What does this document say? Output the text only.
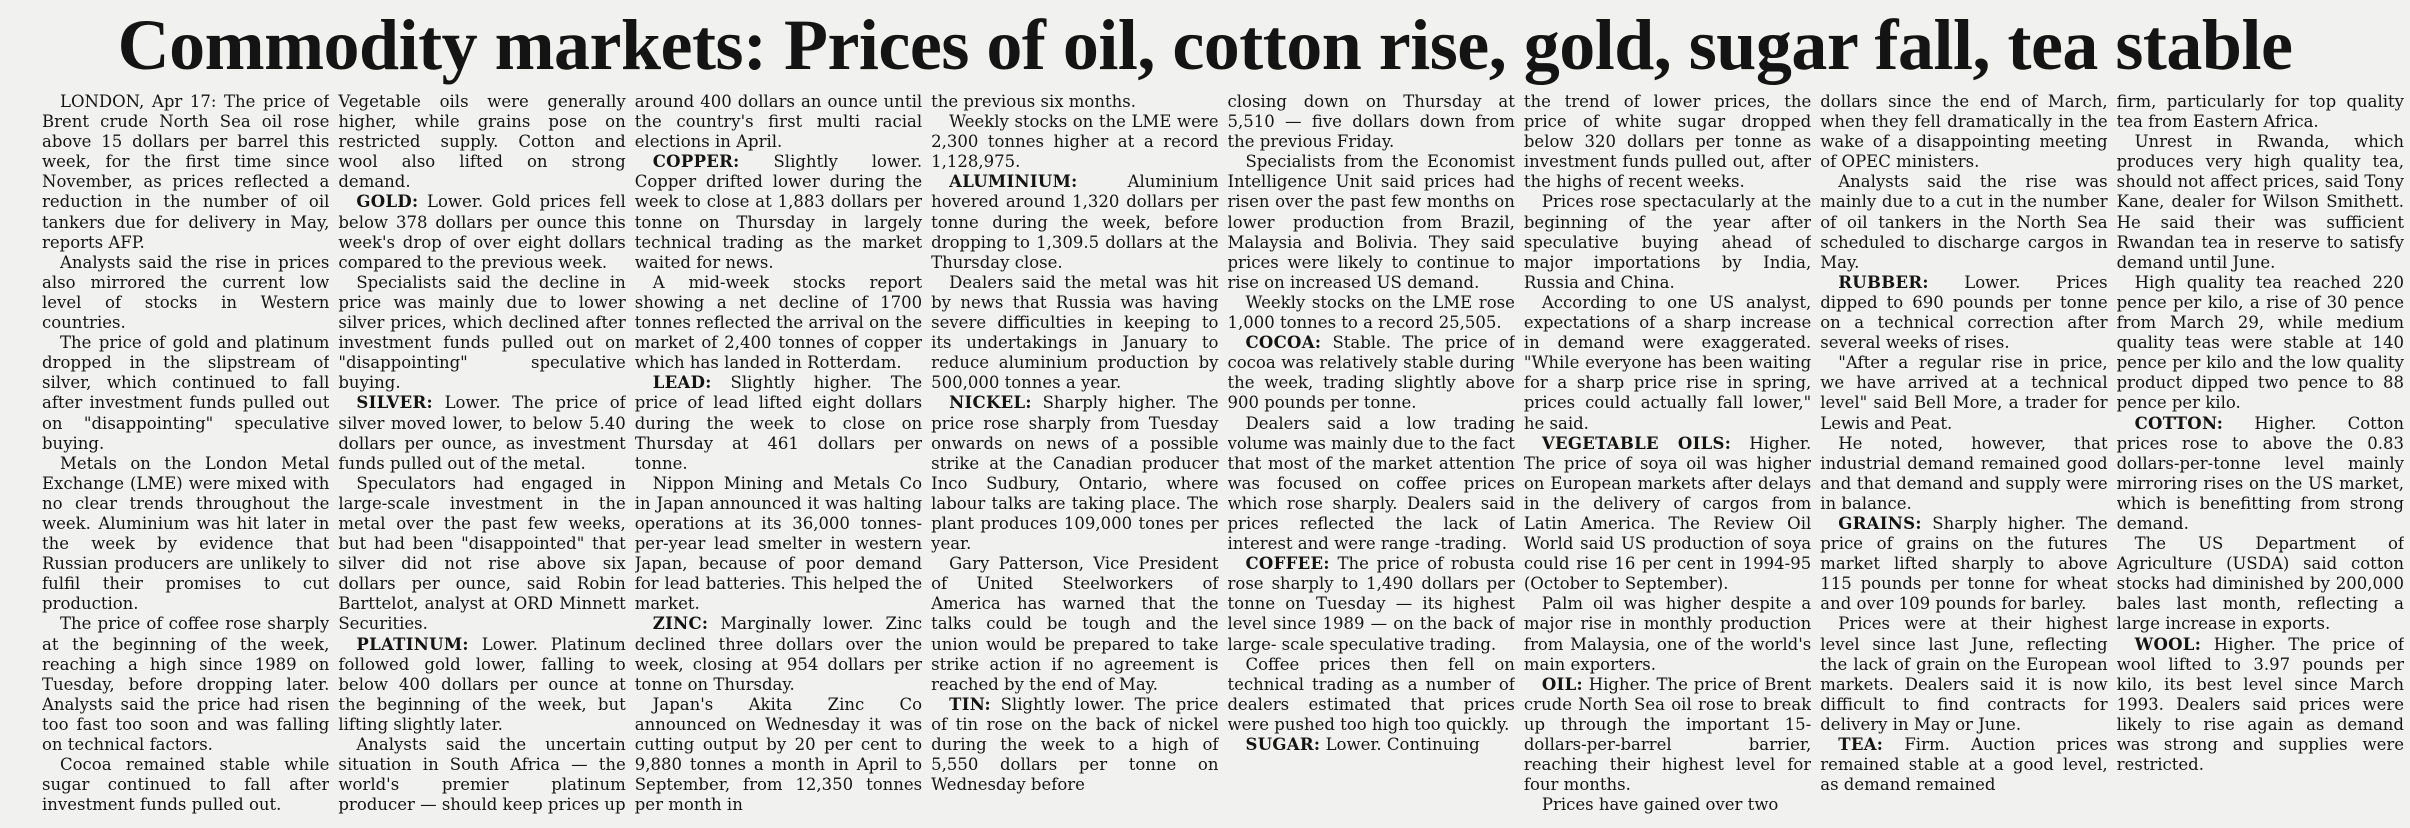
Commodity markets: Prices of oil, cotton rise, gold, sugar fall, tea stable

LONDON, Apr 17: The price of Brent crude North Sea oil rose above 15 dollars per barrel this week, for the first time since November, as prices reflected a reduction in the number of oil tankers due for delivery in May, reports AFP.

Analysts said the rise in prices also mirrored the current low level of stocks in Western countries.

The price of gold and platinum dropped in the slipstream of silver, which continued to fall after investment funds pulled out on "disappointing" speculative buying.

Metals on the London Metal Exchange (LME) were mixed with no clear trends throughout the week. Aluminium was hit later in the week by evidence that Russian producers are unlikely to fulfil their promises to cut production.

The price of coffee rose sharply at the beginning of the week, reaching a high since 1989 on Tuesday, before dropping later. Analysts said the price had risen too fast too soon and was falling on technical factors.

Cocoa remained stable while sugar continued to fall after investment funds pulled out.

Vegetable oils were generally higher, while grains pose on restricted supply. Cotton and wool also lifted on strong demand.

GOLD: Lower. Gold prices fell below 378 dollars per ounce this week's drop of over eight dollars compared to the previous week.

Specialists said the decline in price was mainly due to lower silver prices, which declined after investment funds pulled out on "disappointing" speculative buying.

SILVER: Lower. The price of silver moved lower, to below 5.40 dollars per ounce, as investment funds pulled out of the metal.

Speculators had engaged in large-scale investment in the metal over the past few weeks, but had been "disappointed" that silver did not rise above six dollars per ounce, said Robin Barttelot, analyst at ORD Minnett Securities.

PLATINUM: Lower. Platinum followed gold lower, falling to below 400 dollars per ounce at the beginning of the week, but lifting slightly later.

Analysts said the uncertain situation in South Africa — the world's premier platinum producer — should keep prices up

around 400 dollars an ounce until the country's first multi racial elections in April.

COPPER: Slightly lower. Copper drifted lower during the week to close at 1,883 dollars per tonne on Thursday in largely technical trading as the market waited for news.

A mid-week stocks report showing a net decline of 1700 tonnes reflected the arrival on the market of 2,400 tonnes of copper which has landed in Rotterdam.

LEAD: Slightly higher. The price of lead lifted eight dollars during the week to close on Thursday at 461 dollars per tonne.

Nippon Mining and Metals Co in Japan announced it was halting operations at its 36,000 tonnes-per-year lead smelter in western Japan, because of poor demand for lead batteries. This helped the market.

ZINC: Marginally lower. Zinc declined three dollars over the week, closing at 954 dollars per tonne on Thursday.

Japan's Akita Zinc Co announced on Wednesday it was cutting output by 20 per cent to 9,880 tonnes a month in April to September, from 12,350 tonnes per month in

the previous six months.

Weekly stocks on the LME were 2,300 tonnes higher at a record 1,128,975.

ALUMINIUM:	Aluminium hovered around 1,320 dollars per tonne during the week, before dropping to 1,309.5 dollars at the Thursday close.

Dealers said the metal was hit by news that Russia was having severe difficulties in keeping to its undertakings in January to reduce aluminium production by 500,000 tonnes a year.

NICKEL: Sharply higher. The price rose sharply from Tuesday onwards on news of a possible strike at the Canadian producer Inco Sudbury, Ontario, where labour talks are taking place. The plant produces 109,000 tones per year.

Gary Patterson, Vice President of United Steelworkers of America has warned that the talks could be tough and the union would be prepared to take strike action if no agreement is reached by the end of May.

TIN: Slightly lower. The price of tin rose on the back of nickel during the week to a high of 5,550 dollars per tonne on Wednesday before

closing down on Thursday at 5,510 — five dollars down from the previous Friday.

Specialists from the Economist Intelligence Unit said prices had risen over the past few months on lower production from Brazil, Malaysia and Bolivia. They said prices were likely to continue to rise on increased US demand.

Weekly stocks on the LME rose 1,000 tonnes to a record 25,505.

COCOA: Stable. The price of cocoa was relatively stable during the week, trading slightly above 900 pounds per tonne.

Dealers said a low trading volume was mainly due to the fact that most of the market attention was focused on coffee prices which rose sharply. Dealers said prices reflected the lack of interest and were range -trading.

COFFEE: The price of robusta rose sharply to 1,490 dollars per tonne on Tuesday — its highest level since 1989 — on the back of large- scale speculative trading.

Coffee prices then fell on technical trading as a number of dealers estimated that prices were pushed too high too quickly.

SUGAR: Lower. Continuing

the trend of lower prices, the price of white sugar dropped below 320 dollars per tonne as investment funds pulled out, after the highs of recent weeks.

Prices rose spectacularly at the beginning of the year after speculative buying ahead of major importations by India, Russia and China.

According to one US analyst, expectations of a sharp increase in demand were exaggerated. "While everyone has been waiting for a sharp price rise in spring, prices could actually fall lower," he said.

VEGETABLE OILS: Higher. The price of soya oil was higher on European markets after delays in the delivery of cargos from Latin America. The Review Oil World said US production of soya could rise 16 per cent in 1994-95 (October to September).

Palm oil was higher despite a major rise in monthly production from Malaysia, one of the world's main exporters.

OIL: Higher. The price of Brent crude North Sea oil rose to break up through the important 15-dollars-per-barrel barrier, reaching their highest level for four months.

Prices have gained over two

dollars since the end of March, when they fell dramatically in the wake of a disappointing meeting of OPEC ministers.

Analysts said the rise was mainly due to a cut in the number of oil tankers in the North Sea scheduled to discharge cargos in May.

RUBBER: Lower. Prices dipped to 690 pounds per tonne on a technical correction after several weeks of rises.

"After a regular rise in price, we have arrived at a technical level" said Bell More, a trader for Lewis and Peat.

He noted, however, that industrial demand remained good and that demand and supply were in balance.

GRAINS: Sharply higher. The price of grains on the futures market lifted sharply to above 115 pounds per tonne for wheat and over 109 pounds for barley.

Prices were at their highest level since last June, reflecting the lack of grain on the European markets. Dealers said it is now difficult to find contracts for delivery in May or June.

TEA: Firm. Auction prices remained stable at a good level, as demand remained

firm, particularly for top quality tea from Eastern Africa.

Unrest in Rwanda, which produces very high quality tea, should not affect prices, said Tony Kane, dealer for Wilson Smithett. He said their was sufficient Rwandan tea in reserve to satisfy demand until June.

High quality tea reached 220 pence per kilo, a rise of 30 pence from March 29, while medium quality teas were stable at 140 pence per kilo and the low quality product dipped two pence to 88 pence per kilo.

COTTON: Higher. Cotton prices rose to above the 0.83 dollars-per-tonne level mainly mirroring rises on the US market, which is benefitting from strong demand.

The US Department of Agriculture (USDA) said cotton stocks had diminished by 200,000 bales last month, reflecting a large increase in exports.

WOOL: Higher. The price of wool lifted to 3.97 pounds per kilo, its best level since March 1993. Dealers said prices were likely to rise again as demand was strong and supplies were restricted.
